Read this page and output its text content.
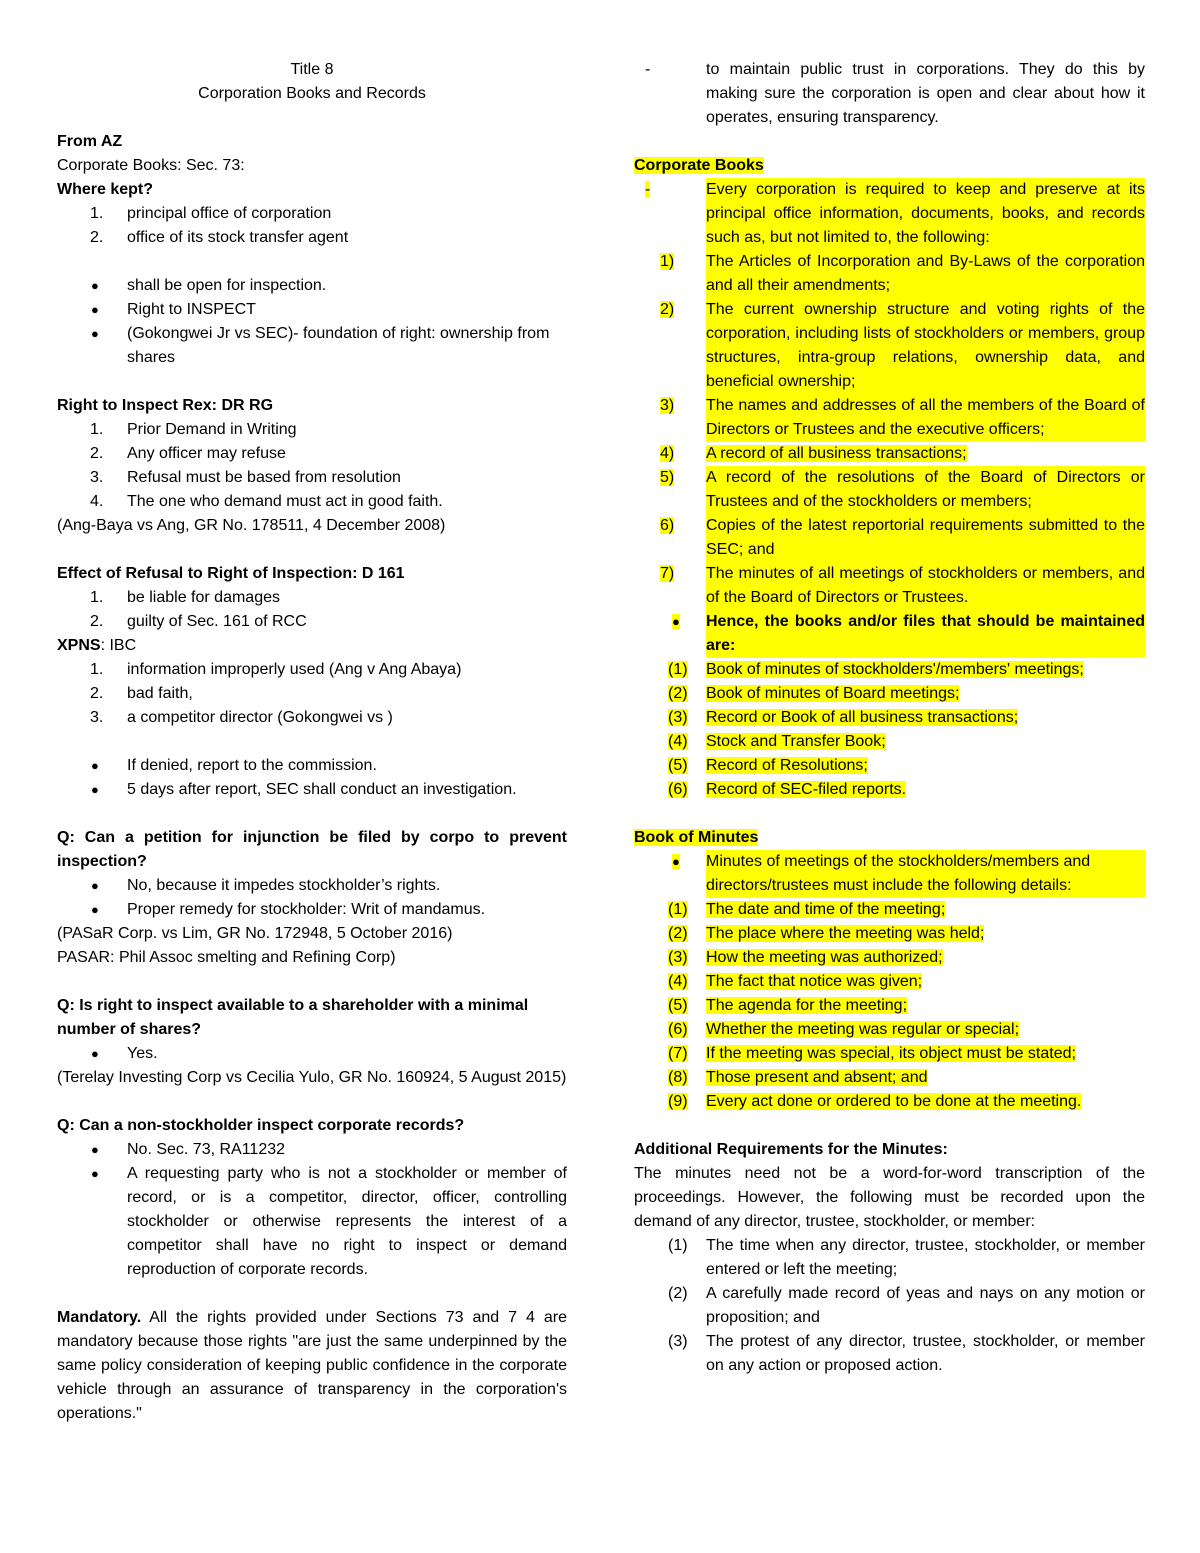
Title 8

Corporation Books and Records

From AZ

Corporate Books: Sec. 73:

Where kept?

1.	principal office of corporation
2.	office of its stock transfer agent
●	shall be open for inspection.
●	Right to INSPECT
●	(Gokongwei Jr vs SEC)- foundation of right: ownership from shares

Right to Inspect Rex: DR RG

1.	Prior Demand in Writing
2.	Any officer may refuse
3.	Refusal must be based from resolution
4.	The one who demand must act in good faith.

(Ang-Baya vs Ang, GR No. 178511, 4 December 2008)

Effect of Refusal to Right of Inspection: D 161

1.	be liable for damages
2.	guilty of Sec. 161 of RCC

XPNS: IBC

1.	information improperly used (Ang v Ang Abaya)
2.	bad faith,
3.	a competitor director (Gokongwei vs )
●	If denied, report to the commission.
●	5 days after report, SEC shall conduct an investigation.

Q: Can a petition for injunction be filed by corpo to prevent inspection?

●	No, because it impedes stockholder’s rights.
●	Proper remedy for stockholder: Writ of mandamus.

(PASaR Corp. vs Lim, GR No. 172948, 5 October 2016)

PASAR: Phil Assoc smelting and Refining Corp)

Q: Is right to inspect available to a shareholder with a minimal number of shares?

●	Yes.

(Terelay Investing Corp vs Cecilia Yulo, GR No. 160924, 5 August 2015)

Q: Can a non-stockholder inspect corporate records?

●	No. Sec. 73, RA11232
●	A requesting party who is not a stockholder or member of record, or is a competitor, director, officer, controlling stockholder or otherwise represents the interest of a competitor shall have no right to inspect or demand reproduction of corporate records.

Mandatory. All the rights provided under Sections 73 and 7 4 are mandatory because those rights "are just the same underpinned by the same policy consideration of keeping public confidence in the corporate vehicle through an assurance of transparency in the corporation's operations."

-	to maintain public trust in corporations. They do this by making sure the corporation is open and clear about how it operates, ensuring transparency.

Corporate Books

-	Every corporation is required to keep and preserve at its principal office information, documents, books, and records such as, but not limited to, the following:
1)	The Articles of Incorporation and By-Laws of the corporation and all their amendments;
2)	The current ownership structure and voting rights of the corporation, including lists of stockholders or members, group structures, intra-group relations, ownership data, and beneficial ownership;
3)	The names and addresses of all the members of the Board of Directors or Trustees and the executive officers;
4)	A record of all business transactions;
5)	A record of the resolutions of the Board of Directors or Trustees and of the stockholders or members;
6)	Copies of the latest reportorial requirements submitted to the SEC; and
7)	The minutes of all meetings of stockholders or members, and of the Board of Directors or Trustees.
●	Hence, the books and/or files that should be maintained are:
(1)	Book of minutes of stockholders'/members' meetings;
(2)	Book of minutes of Board meetings;
(3)	Record or Book of all business transactions;
(4)	Stock and Transfer Book;
(5)	Record of Resolutions;
(6)	Record of SEC-filed reports.

Book of Minutes

●	Minutes of meetings of the stockholders/members and directors/trustees must include the following details:
(1)	The date and time of the meeting;
(2)	The place where the meeting was held;
(3)	How the meeting was authorized;
(4)	The fact that notice was given;
(5)	The agenda for the meeting;
(6)	Whether the meeting was regular or special;
(7)	If the meeting was special, its object must be stated;
(8)	Those present and absent; and
(9)	Every act done or ordered to be done at the meeting.

Additional Requirements for the Minutes:

The minutes need not be a word-for-word transcription of the proceedings. However, the following must be recorded upon the demand of any director, trustee, stockholder, or member:

(1)	The time when any director, trustee, stockholder, or member entered or left the meeting;
(2)	A carefully made record of yeas and nays on any motion or proposition; and
(3)	The protest of any director, trustee, stockholder, or member on any action or proposed action.
